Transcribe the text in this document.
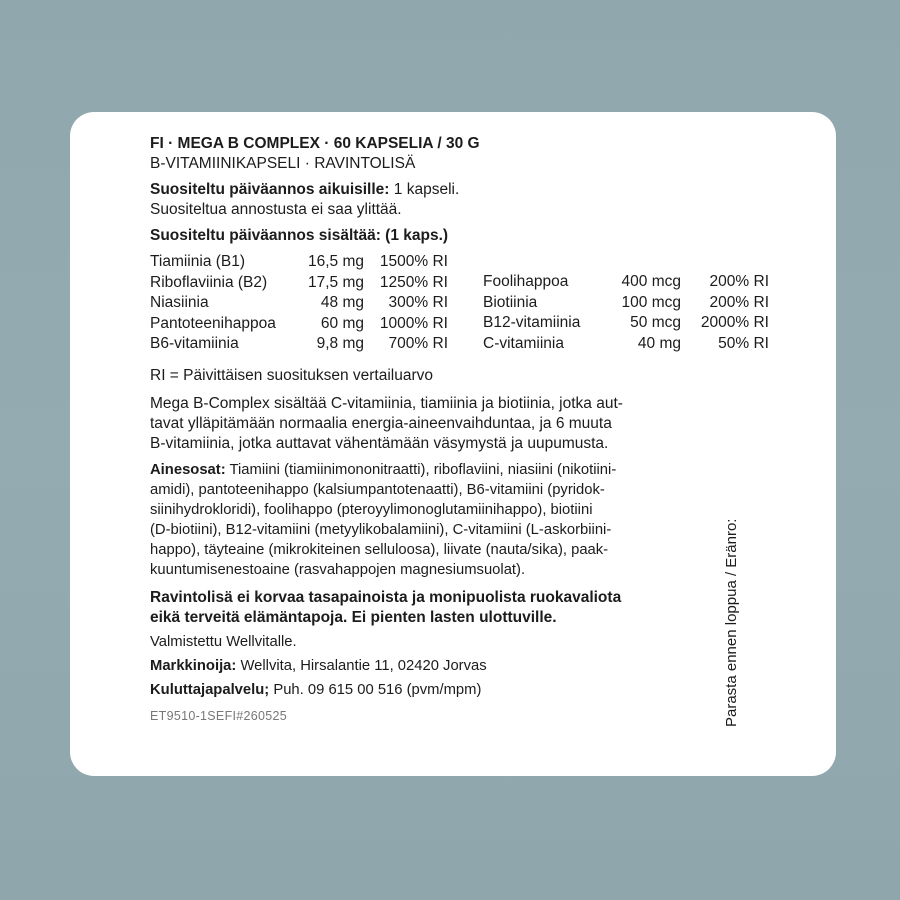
FI · MEGA B COMPLEX · 60 KAPSELIA / 30 G
B-VITAMIINIKAPSELI · RAVINTOLISÄ
Suositeltu päiväannos aikuisille: 1 kapseli.
Suositeltua annostusta ei saa ylittää.
Suositeltu päiväannos sisältää: (1 kaps.)
Tiamiinia (B1)	16,5 mg	1500% RI
Riboflaviinia (B2)	17,5 mg	1250% RI
Niasiinia	48 mg	300% RI
Pantoteenihappoa	60 mg	1000% RI
B6-vitamiinia	9,8 mg	700% RI
Foolihappoa	400 mcg	200% RI
Biotiinia	100 mcg	200% RI
B12-vitamiinia	50 mcg	2000% RI
C-vitamiinia	40 mg	50% RI
RI = Päivittäisen suosituksen vertailuarvo
Mega B-Complex sisältää C-vitamiinia, tiamiinia ja biotiinia, jotka aut-
tavat ylläpitämään normaalia energia-aineenvaihduntaa, ja 6 muuta
B-vitamiinia, jotka auttavat vähentämään väsymystä ja uupumusta.
Ainesosat: Tiamiini (tiamiinimononitraatti), riboflaviini, niasiini (nikotiini-
amidi), pantoteenihappo (kalsiumpantotenaatti), B6-vitamiini (pyridok-
siinihydrokloridi), foolihappo (pteroyylimonoglutamiinihappo), biotiini
(D-biotiini), B12-vitamiini (metyylikobalamiini), C-vitamiini (L-askorbiini-
happo), täyteaine (mikrokiteinen selluloosa), liivate (nauta/sika), paak-
kuuntumisenestoaine (rasvahappojen magnesiumsuolat).
Ravintolisä ei korvaa tasapainoista ja monipuolista ruokavaliota
eikä terveitä elämäntapoja. Ei pienten lasten ulottuville.
Valmistettu Wellvitalle.
Markkinoija: Wellvita, Hirsalantie 11, 02420 Jorvas
Kuluttajapalvelu; Puh. 09 615 00 516 (pvm/mpm)
ET9510-1SEFI#260525	Parasta ennen loppua / Eränro:
